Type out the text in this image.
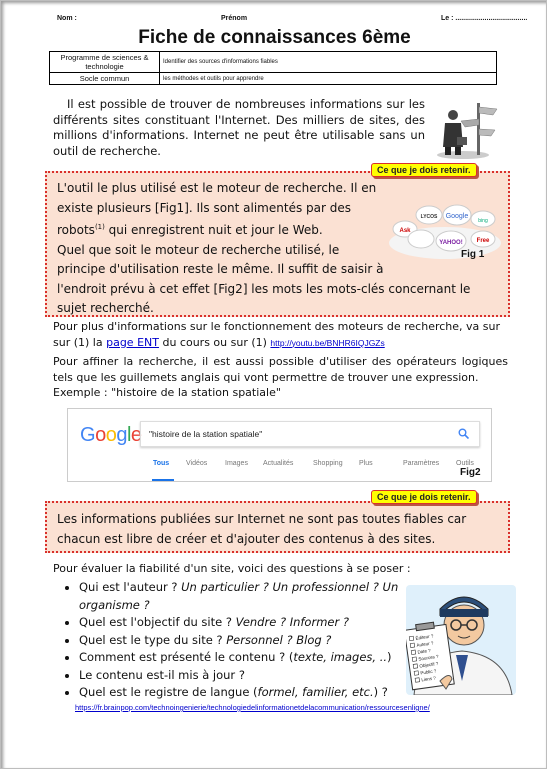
Nom :	Prénom	Le : .....................................
Fiche de connaissances 6ème
Programme de sciences & technologie	Identifier des sources d'informations fiables
Socle commun	les méthodes et outils pour apprendre

Il est possible de trouver de nombreuses informations sur les différents sites constituant l'Internet. Des milliers de sites, des millions d'informations. Internet ne peut être utilisable sans un outil de recherche.

L'outil le plus utilisé est le moteur de recherche. Il en
existe plusieurs [Fig1]. Ils sont alimentés par des
robots$^{(1)}$ qui enregistrent nuit et jour le Web.
Quel que soit le moteur de recherche utilisé, le
principe d'utilisation reste le même. Il suffit de saisir à
l'endroit prévu à cet effet [Fig2] les mots les mots-clés concernant le
sujet recherché.
LYCOS Google
Ask
YAHOO! Free
bing
Fig 1
Ce que je dois retenir.
Pour plus d'informations sur le fonctionnement des moteurs de recherche, va sur
sur (1) la page ENT du cours ou sur (1) http://youtu.be/BNHR6IQJGZs

Pour affiner la recherche, il est aussi possible d'utiliser des opérateurs logiques tels que les guillemets anglais qui vont permettre de trouver une expression.

Exemple : "histoire de la station spatiale"
Google "histoire de la station spatiale"
Tous Vidéos	Images Actualités	Shopping Plus	Paramètres Outils
Fig2
Les informations publiées sur Internet ne sont pas toutes fiables car
chacun est libre de créer et d'ajouter des contenus à des sites.
Ce que je dois retenir.
Pour évaluer la fiabilité d'un site, voici des questions à se poser :
• Qui est l'auteur ? Un particulier ? Un professionnel ? Un organisme ?
• Quel est l'objectif du site ? Vendre ? Informer ?
• Quel est le type du site ? Personnel ? Blog ?
• Comment est présenté le contenu ? (texte, images, ..)
• Le contenu est-il mis à jour ?
• Quel est le registre de langue (formel, familier, etc.) ?
Éditeur ?
Auteur ?
Date ?
Sources ?
Objectif ?
Public ?
Liens ?
https://fr.brainpop.com/technoingenierie/technologiedelinformationetdelacommunication/ressourcesenligne/
